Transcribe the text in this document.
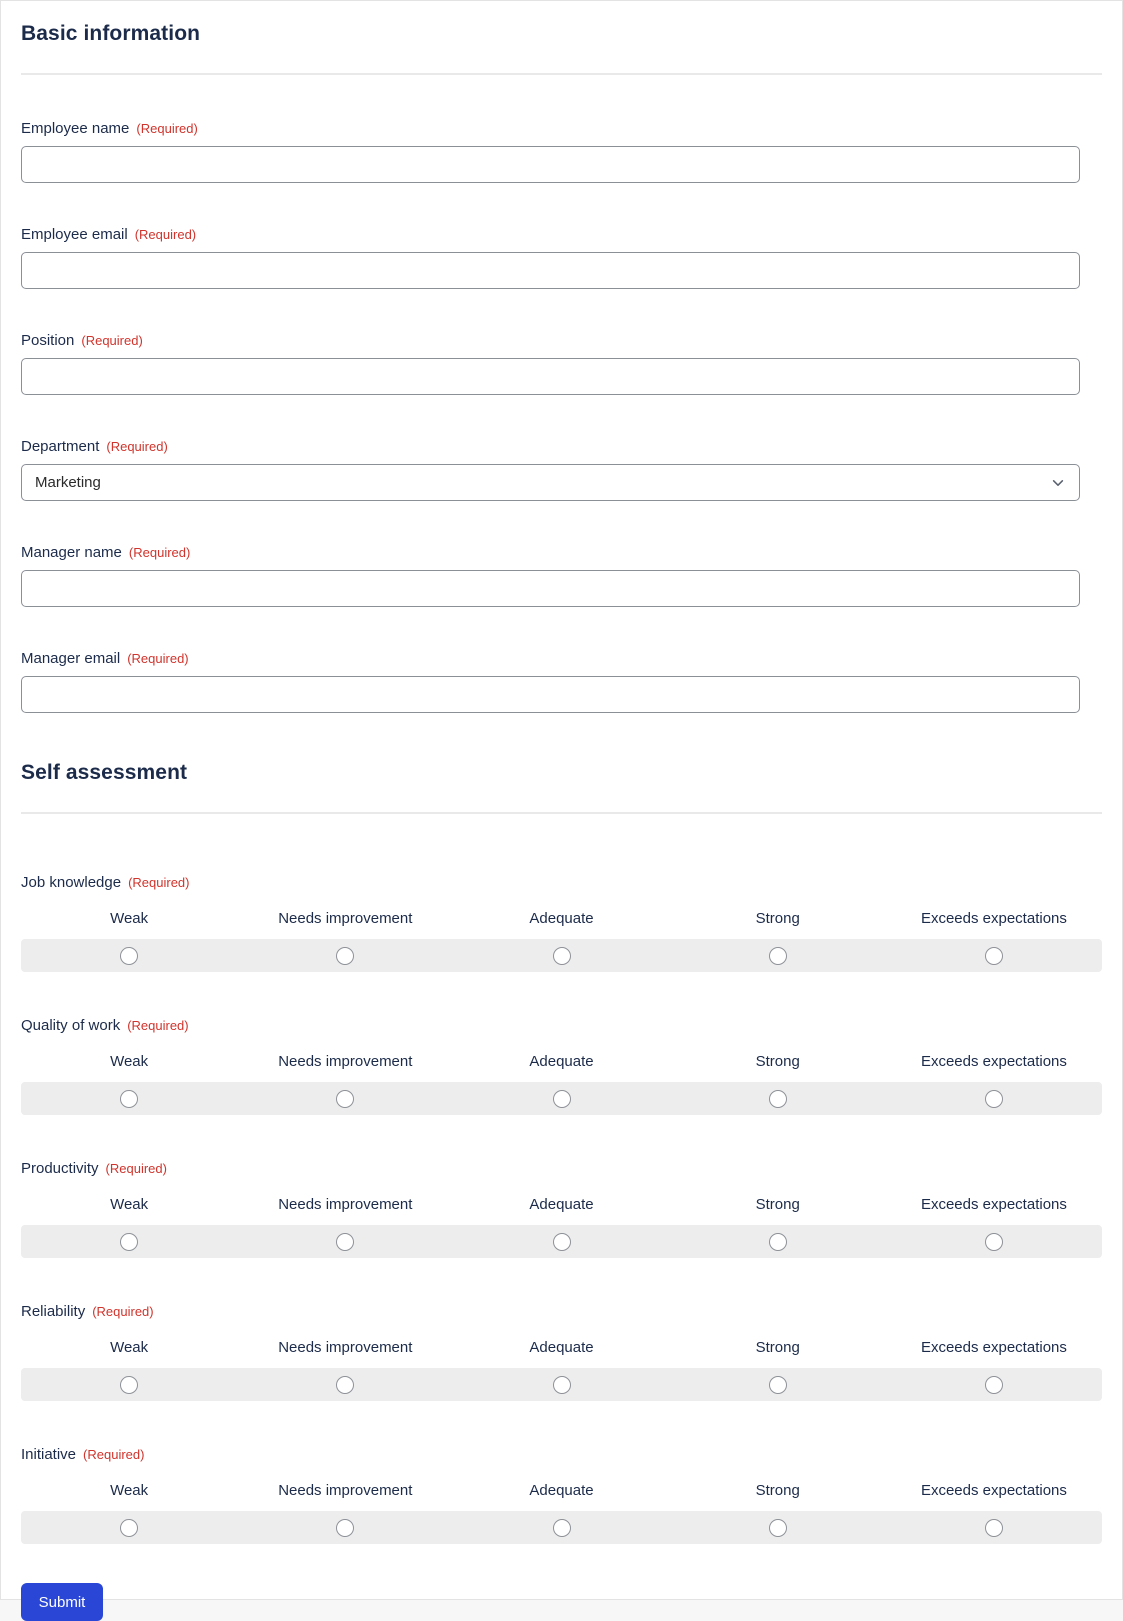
Basic information
Employee name (Required)
Employee email (Required)
Position (Required)
Department (Required)
Marketing
Manager name (Required)
Manager email (Required)
Self assessment
Job knowledge (Required)
Weak	Needs improvement	Adequate	Strong	Exceeds expectations
Quality of work (Required)
Weak	Needs improvement	Adequate	Strong	Exceeds expectations
Productivity (Required)
Weak	Needs improvement	Adequate	Strong	Exceeds expectations
Reliability (Required)
Weak	Needs improvement	Adequate	Strong	Exceeds expectations
Initiative (Required)
Weak	Needs improvement	Adequate	Strong	Exceeds expectations
Submit
